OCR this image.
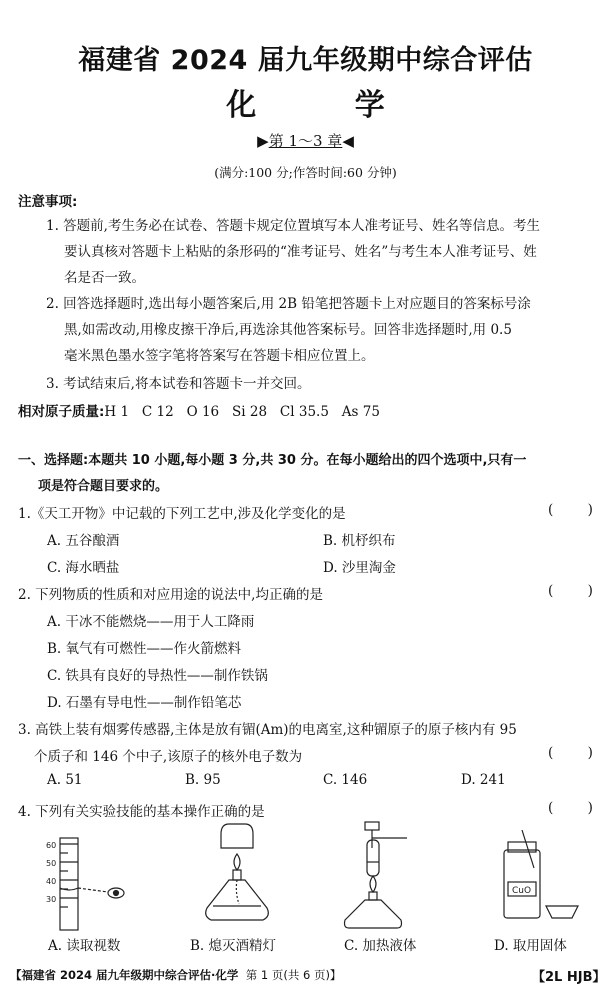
福建省 2024 届九年级期中综合评估
化 学
▶第 1～3 章◀
(满分:100 分;作答时间:60 分钟)
注意事项:
1. 答题前,考生务必在试卷、答题卡规定位置填写本人准考证号、姓名等信息。考生
要认真核对答题卡上粘贴的条形码的“准考证号、姓名”与考生本人准考证号、姓
名是否一致。
2. 回答选择题时,选出每小题答案后,用 2B 铅笔把答题卡上对应题目的答案标号涂
黑,如需改动,用橡皮擦干净后,再选涂其他答案标号。回答非选择题时,用 0.5
毫米黑色墨水签字笔将答案写在答题卡相应位置上。
3. 考试结束后,将本试卷和答题卡一并交回。
相对原子质量:H 1   C 12   O 16   Si 28   Cl 35.5   As 75
一、选择题:本题共 10 小题,每小题 3 分,共 30 分。在每小题给出的四个选项中,只有一
项是符合题目要求的。
1.《天工开物》中记载的下列工艺中,涉及化学变化的是	(        )
A. 五谷酿酒	B. 机杼织布
C. 海水晒盐	D. 沙里淘金
2. 下列物质的性质和对应用途的说法中,均正确的是	(        )
A. 干冰不能燃烧——用于人工降雨
B. 氧气有可燃性——作火箭燃料
C. 铁具有良好的导热性——制作铁锅
D. 石墨有导电性——制作铅笔芯
3. 高铁上装有烟雾传感器,主体是放有镅(Am)的电离室,这种镅原子的原子核内有 95
个质子和 146 个中子,该原子的核外电子数为	(        )
A. 51	B. 95	C. 146	D. 241
4. 下列有关实验技能的基本操作正确的是	(        )
60
50
40
30
CuO
A. 读取视数	B. 熄灭酒精灯	C. 加热液体	D. 取用固体
【福建省 2024 届九年级期中综合评估·化学  第 1 页(共 6 页)】	【2L HJB】
